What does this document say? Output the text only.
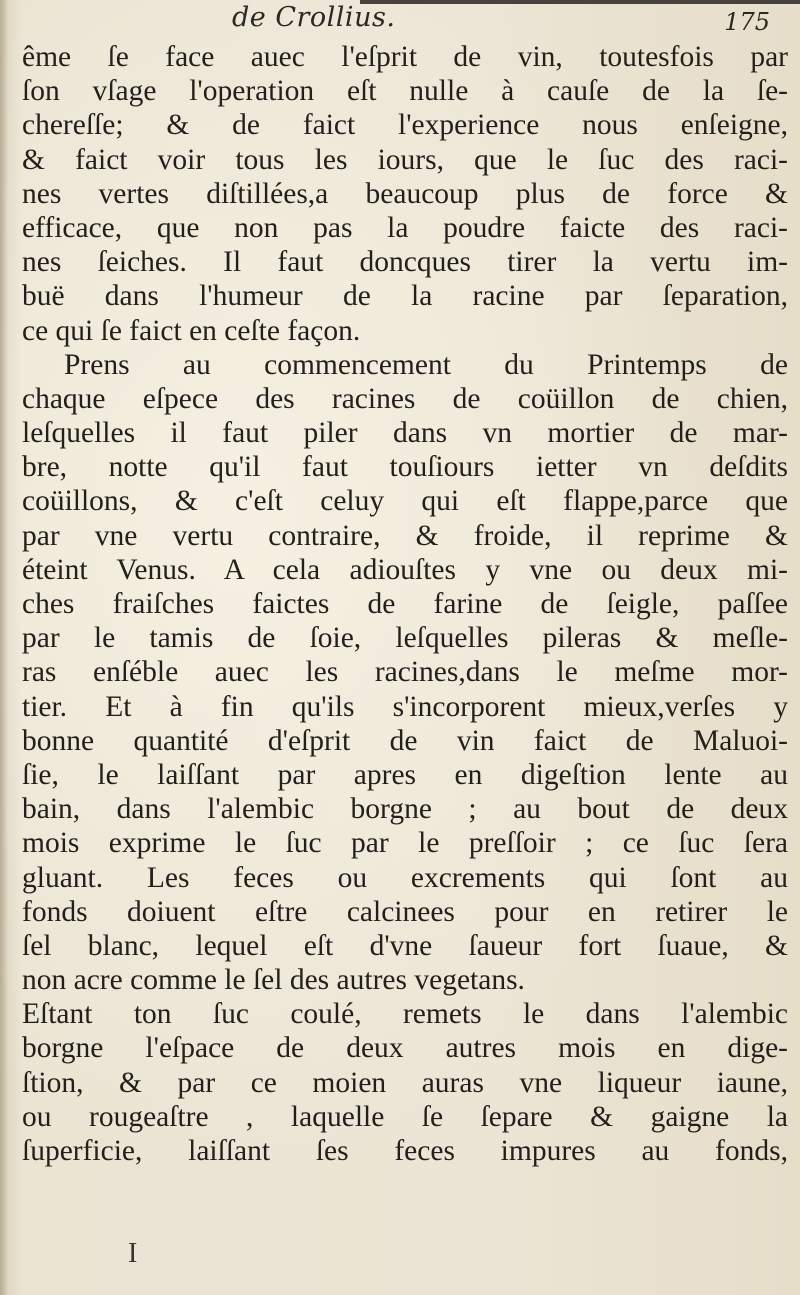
de Crollius.	175
ême ſe face auec l'eſprit de vin, toutesfois par
ſon vſage l'operation eſt nulle à cauſe de la ſe-
chereſſe; & de faict l'experience nous enſeigne,
& faict voir tous les iours, que le ſuc des raci-
nes vertes diſtillées,a beaucoup plus de force &
efficace, que non pas la poudre faicte des raci-
nes ſeiches. Il faut doncques tirer la vertu im-
buë dans l'humeur de la racine par ſeparation,
ce qui ſe faict en ceſte façon.
Prens au commencement du Printemps de
chaque eſpece des racines de coüillon de chien,
leſquelles il faut piler dans vn mortier de mar-
bre, notte qu'il faut touſiours ietter vn deſdits
coüillons, & c'eſt celuy qui eſt flappe,parce que
par vne vertu contraire, & froide, il reprime &
éteint Venus. A cela adiouſtes y vne ou deux mi-
ches fraiſches faictes de farine de ſeigle, paſſee
par le tamis de ſoie, leſquelles pileras & meſle-
ras enſéble auec les racines,dans le meſme mor-
tier. Et à fin qu'ils s'incorporent mieux,verſes y
bonne quantité d'eſprit de vin faict de Maluoi-
ſie, le laiſſant par apres en digeſtion lente au
bain, dans l'alembic borgne ; au bout de deux
mois exprime le ſuc par le preſſoir ; ce ſuc ſera
gluant. Les feces ou excrements qui ſont au
fonds doiuent eſtre calcinees pour en retirer le
ſel blanc, lequel eſt d'vne ſaueur fort ſuaue, &
non acre comme le ſel des autres vegetans.
Eſtant ton ſuc coulé, remets le dans l'alembic
borgne l'eſpace de deux autres mois en dige-
ſtion, & par ce moien auras vne liqueur iaune,
ou rougeaſtre , laquelle ſe ſepare & gaigne la
ſuperficie, laiſſant ſes feces impures au fonds,
I
